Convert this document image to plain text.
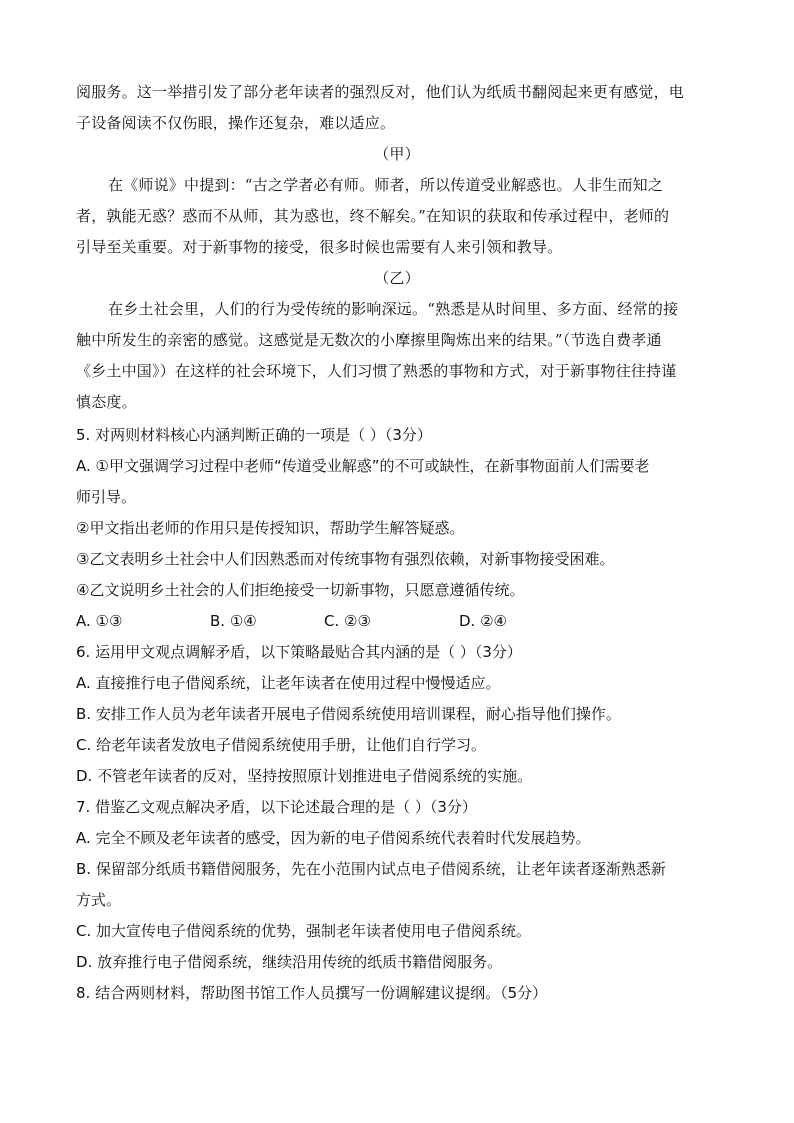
阅服务。这一举措引发了部分老年读者的强烈反对，他们认为纸质书翻阅起来更有感觉，电
子设备阅读不仅伤眼，操作还复杂，难以适应。
（甲）
在《师说》中提到：“古之学者必有师。师者，所以传道受业解惑也。人非生而知之
者，孰能无惑？惑而不从师，其为惑也，终不解矣。”在知识的获取和传承过程中，老师的
引导至关重要。对于新事物的接受，很多时候也需要有人来引领和教导。
（乙）
在乡土社会里，人们的行为受传统的影响深远。“熟悉是从时间里、多方面、经常的接
触中所发生的亲密的感觉。这感觉是无数次的小摩擦里陶炼出来的结果。”（节选自费孝通
《乡土中国》）在这样的社会环境下，人们习惯了熟悉的事物和方式，对于新事物往往持谨
慎态度。
5. 对两则材料核心内涵判断正确的一项是（ ）（3分）
A. ①甲文强调学习过程中老师“传道受业解惑”的不可或缺性，在新事物面前人们需要老
师引导。
②甲文指出老师的作用只是传授知识，帮助学生解答疑惑。
③乙文表明乡土社会中人们因熟悉而对传统事物有强烈依赖，对新事物接受困难。
④乙文说明乡土社会的人们拒绝接受一切新事物，只愿意遵循传统。
A. ①③	B. ①④	C. ②③	D. ②④
6. 运用甲文观点调解矛盾，以下策略最贴合其内涵的是（ ）（3分）
A. 直接推行电子借阅系统，让老年读者在使用过程中慢慢适应。
B. 安排工作人员为老年读者开展电子借阅系统使用培训课程，耐心指导他们操作。
C. 给老年读者发放电子借阅系统使用手册，让他们自行学习。
D. 不管老年读者的反对，坚持按照原计划推进电子借阅系统的实施。
7. 借鉴乙文观点解决矛盾，以下论述最合理的是（ ）（3分）
A. 完全不顾及老年读者的感受，因为新的电子借阅系统代表着时代发展趋势。
B. 保留部分纸质书籍借阅服务，先在小范围内试点电子借阅系统，让老年读者逐渐熟悉新
方式。
C. 加大宣传电子借阅系统的优势，强制老年读者使用电子借阅系统。
D. 放弃推行电子借阅系统，继续沿用传统的纸质书籍借阅服务。
8. 结合两则材料，帮助图书馆工作人员撰写一份调解建议提纲。（5分）
